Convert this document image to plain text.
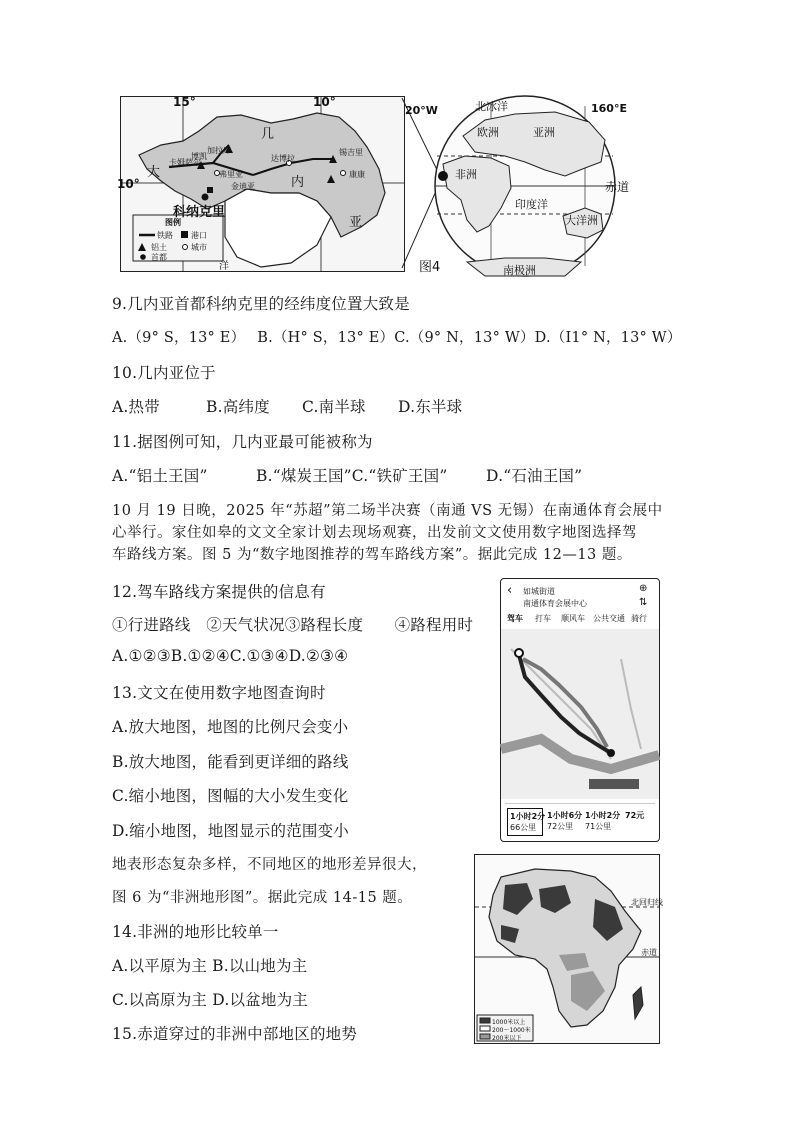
15°	10°
10°
几
内
亚
大
洋
科纳克里
加拉库
卡姆萨尔
弗里亚
达博拉
锡吉里
康康
博凯
金迪亚
图例
铁路 港口
铝土	城市
首都
20°W	160°E
赤道
北冰洋
欧洲	亚洲
非洲
印度洋
大洋洲
南极洲
图4
9.几内亚首都科纳克里的经纬度位置大致是
A.（9° S，13° E） B.（H° S，13° E）C.（9° N，13° W）D.（I1° N，13° W）
10.几内亚位于
A.热带	B.高纬度 C.南半球 D.东半球
11.据图例可知，几内亚最可能被称为
A.“铝土王国”	B.“煤炭王国”C.“铁矿王国” D.“石油王国”
10 月 19 日晚，2025 年“苏超”第二场半决赛（南通 VS 无锡）在南通体育会展中
心举行。家住如皋的文文全家计划去现场观赛，出发前文文使用数字地图选择驾
车路线方案。图 5 为“数字地图推荐的驾车路线方案”。据此完成 12—13 题。
12.驾车路线方案提供的信息有
①行进路线　②天气状况③路程长度　　④路程用时
A.①②③B.①②④C.①③④D.②③④
13.文文在使用数字地图查询时
A.放大地图，地图的比例尺会变小
B.放大地图，能看到更详细的路线
C.缩小地图，图幅的大小发生变化
D.缩小地图，地图显示的范围变小
‹ 如城街道
南通体育会展中心
⊕
⇅
驾车 打车 顺风车 公共交通 骑行
1小时2分
66公里
1小时6分
72公里
1小时2分
71公里
72元
地表形态复杂多样，不同地区的地形差异很大，
图 6 为“非洲地形图”。据此完成 14-15 题。	北回归线
赤道
1000米以上
200～1000米
200米以下
14.非洲的地形比较单一
A.以平原为主 B.以山地为主
C.以高原为主 D.以盆地为主
15.赤道穿过的非洲中部地区的地势
